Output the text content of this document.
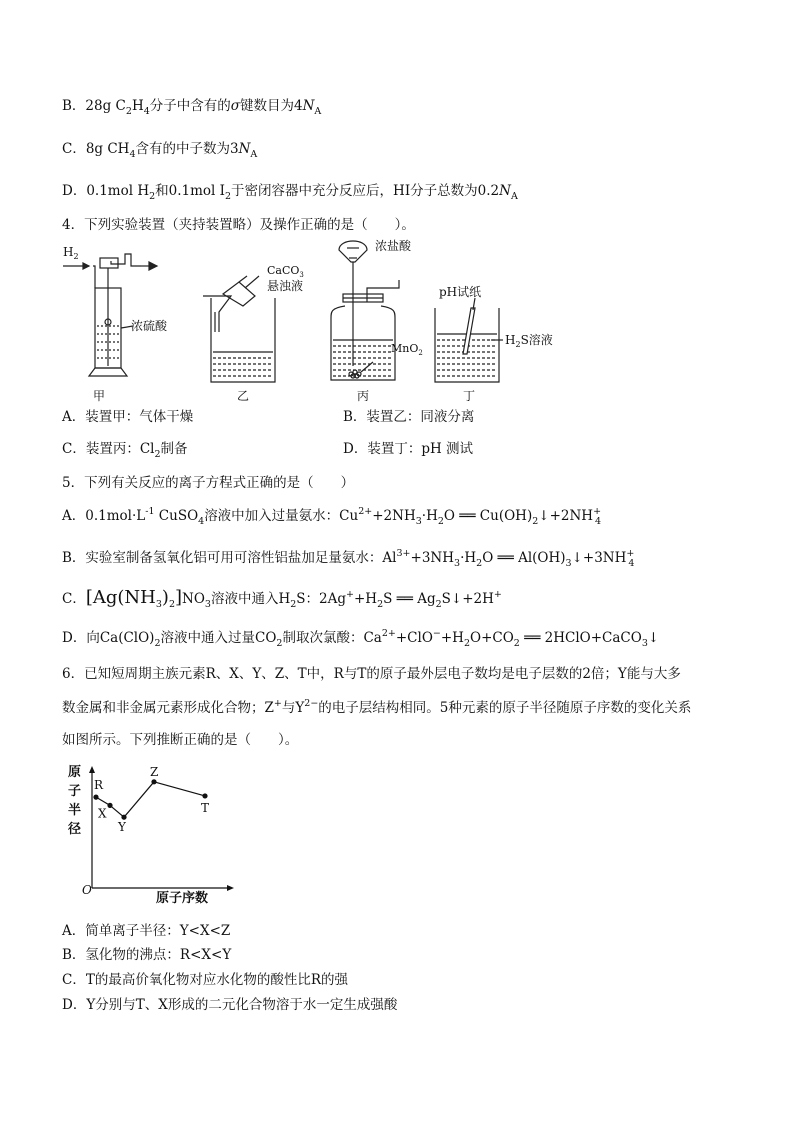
B．28g $C_2H_4$分子中含有的σ键数目为$4N_A$
C．8g $CH_4$含有的中子数为$3N_A$
D．0.1mol $H_2$和0.1mol $I_2$于密闭容器中充分反应后，HI分子总数为$0.2N_A$
4．下列实验装置（夹持装置略）及操作正确的是（　　）。
$H_2$
浓硫酸
CaCO$_3$
悬浊液
浓盐酸
MnO$_2$
pH试纸
$H_2S$溶液
甲	乙	丙	丁
A．装置甲：气体干燥	B．装置乙：同液分离
C．装置丙：$Cl_2$制备	D．装置丁：pH 测试
5．下列有关反应的离子方程式正确的是（　　）
A．$0.1mol\cdot L^{-1}$ CuSO$_4$溶液中加入过量氨水：$Cu^{2+}+2NH_3\cdot H_2O$ ══ $Cu(OH)_2↓+2NH^+_4$
B．实验室制备氢氧化铝可用可溶性铝盐加足量氨水：$Al^{3+}+3NH_3\cdot H_2O$ ══ $Al(OH)_3↓+3NH^+_4$
C．$[Ag(NH_3)_2]NO_3$溶液中通入$H_2S$：$2Ag^++H_2S$ ══ $Ag_2S↓+2H^+$
D．向$Ca(ClO)_2$溶液中通入过量$CO_2$制取次氯酸：$Ca^{2+}+ClO^-+H_2O+CO_2$ ══ 2HClO+CaCO$_3$↓
6．已知短周期主族元素R、X、Y、Z、T中，R与T的原子最外层电子数均是电子层数的2倍；Y能与大多
数金属和非金属元素形成化合物；Z+与$Y^{2-}$的电子层结构相同。5种元素的原子半径随原子序数的变化关系
如图所示。下列推断正确的是（　　）。
原
子
半
径
原子序数
O
R
X
Y
Z
T
A．简单离子半径：Y<X<Z
B．氢化物的沸点：R<X<Y
C．T的最高价氧化物对应水化物的酸性比R的强
D．Y分别与T、X形成的二元化合物溶于水一定生成强酸
